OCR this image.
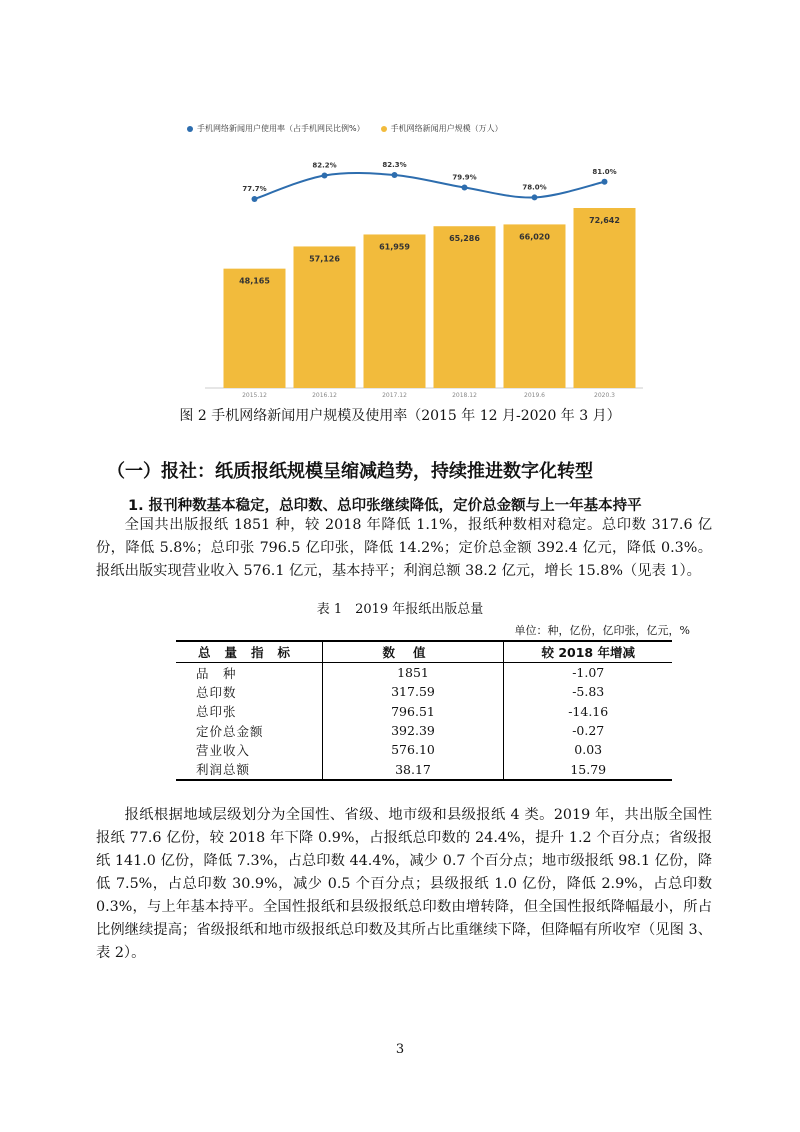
48,165
2015.12
77.7%
57,126
2016.12
82.2%
61,959
2017.12
82.3%
65,286
2018.12
79.9%
66,020
2019.6
78.0%
72,642
2020.3
81.0%
手机网络新闻用户使用率（占手机网民比例%）	手机网络新闻用户规模（万人）
图 2 手机网络新闻用户规模及使用率（2015 年 12 月-2020 年 3 月）
（一）报社：纸质报纸规模呈缩减趋势，持续推进数字化转型
1. 报刊种数基本稳定，总印数、总印张继续降低，定价总金额与上一年基本持平

全国共出版报纸 1851 种，较 2018 年降低 1.1%，报纸种数相对稳定。总印数 317.6 亿份，降低 5.8%；总印张 796.5 亿印张，降低 14.2%；定价总金额 392.4 亿元，降低 0.3%。报纸出版实现营业收入 576.1 亿元，基本持平；利润总额 38.2 亿元，增长 15.8%（见表 1）。

表 1　2019 年报纸出版总量
单位：种，亿份，亿印张，亿元，%
总量指标	数值	较 2018 年增减
品　种	1851	-1.07
总印数	317.59	-5.83
总印张	796.51	-14.16
定价总金额	392.39	-0.27
营业收入	576.10	0.03
利润总额	38.17	15.79

报纸根据地域层级划分为全国性、省级、地市级和县级报纸 4 类。2019 年，共出版全国性报纸 77.6 亿份，较 2018 年下降 0.9%，占报纸总印数的 24.4%，提升 1.2 个百分点；省级报纸 141.0 亿份，降低 7.3%，占总印数 44.4%，减少 0.7 个百分点；地市级报纸 98.1 亿份，降低 7.5%，占总印数 30.9%，减少 0.5 个百分点；县级报纸 1.0 亿份，降低 2.9%，占总印数 0.3%，与上年基本持平。全国性报纸和县级报纸总印数由增转降，但全国性报纸降幅最小，所占比例继续提高；省级报纸和地市级报纸总印数及其所占比重继续下降，但降幅有所收窄（见图 3、表 2）。

3
